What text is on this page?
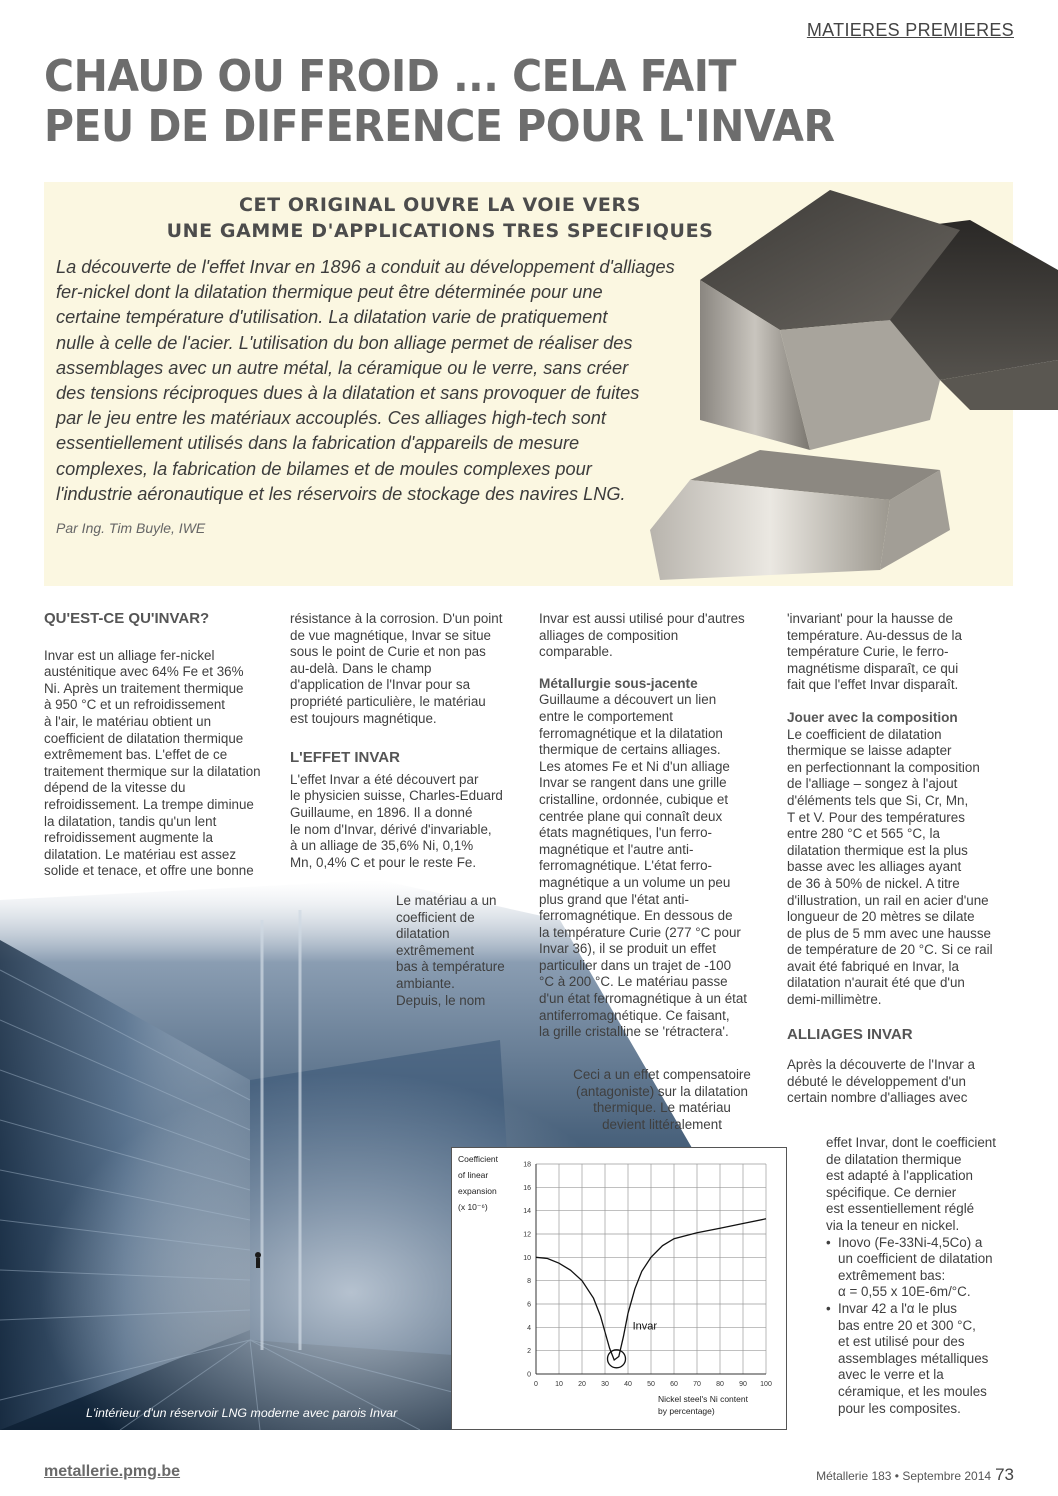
MATIERES PREMIERES
CHAUD OU FROID ... CELA FAIT
PEU DE DIFFERENCE POUR L'INVAR
CET ORIGINAL OUVRE LA VOIE VERS
UNE GAMME D'APPLICATIONS TRES SPECIFIQUES
La découverte de l'effet Invar en 1896 a conduit au développement d'alliages
fer-nickel dont la dilatation thermique peut être déterminée pour une
certaine température d'utilisation. La dilatation varie de pratiquement
nulle à celle de l'acier. L'utilisation du bon alliage permet de réaliser des
assemblages avec un autre métal, la céramique ou le verre, sans créer
des tensions réciproques dues à la dilatation et sans provoquer de fuites
par le jeu entre les matériaux accouplés. Ces alliages high-tech sont
essentiellement utilisés dans la fabrication d'appareils de mesure
complexes, la fabrication de bilames et de moules complexes pour
l'industrie aéronautique et les réservoirs de stockage des navires LNG.
Par Ing. Tim Buyle, IWE

QU'EST-CE QU'INVAR?

Invar est un alliage fer-nickel
austénitique avec 64% Fe et 36%
Ni. Après un traitement thermique
à 950 °C et un refroidissement
à l'air, le matériau obtient un
coefficient de dilatation thermique
extrêmement bas. L'effet de ce
traitement thermique sur la dilatation
dépend de la vitesse du
refroidissement. La trempe diminue
la dilatation, tandis qu'un lent
refroidissement augmente la
dilatation. Le matériau est assez
solide et tenace, et offre une bonne
L'intérieur d'un réservoir LNG moderne avec parois Invar
résistance à la corrosion. D'un point
de vue magnétique, Invar se situe
sous le point de Curie et non pas
au-delà. Dans le champ
d'application de l'Invar pour sa
propriété particulière, le matériau
est toujours magnétique.

L'EFFET INVAR

L'effet Invar a été découvert par
le physicien suisse, Charles-Eduard
Guillaume, en 1896. Il a donné
le nom d'Invar, dérivé d'invariable,
à un alliage de 35,6% Ni, 0,1%
Mn, 0,4% C et pour le reste Fe.
Le matériau a un
coefficient de
dilatation
extrêmement
bas à température
ambiante.
Depuis, le nom
Invar est aussi utilisé pour d'autres
alliages de composition
comparable.

Métallurgie sous-jacente

Guillaume a découvert un lien
entre le comportement
ferromagnétique et la dilatation
thermique de certains alliages.
Les atomes Fe et Ni d'un alliage
Invar se rangent dans une grille
cristalline, ordonnée, cubique et
centrée plane qui connaît deux
états magnétiques, l'un ferro-
magnétique et l'autre anti-
ferromagnétique. L'état ferro-
magnétique a un volume un peu
plus grand que l'état anti-
ferromagnétique. En dessous de
la température Curie (277 °C pour
Invar 36), il se produit un effet
particulier dans un trajet de -100
°C à 200 °C. Le matériau passe
d'un état ferromagnétique à un état
antiferromagnétique. Ce faisant,
la grille cristalline se 'rétractera'.
Ceci a un effet compensatoire
(antagoniste) sur la dilatation
thermique. Le matériau
devient littéralement
'invariant' pour la hausse de
température. Au-dessus de la
température Curie, le ferro-
magnétisme disparaît, ce qui
fait que l'effet Invar disparaît.

Jouer avec la composition

Le coefficient de dilatation
thermique se laisse adapter
en perfectionnant la composition
de l'alliage – songez à l'ajout
d'éléments tels que Si, Cr, Mn,
T et V. Pour des températures
entre 280 °C et 565 °C, la
dilatation thermique est la plus
basse avec les alliages ayant
de 36 à 50% de nickel. A titre
d'illustration, un rail en acier d'une
longueur de 20 mètres se dilate
de plus de 5 mm avec une hausse
de température de 20 °C. Si ce rail
avait été fabriqué en Invar, la
dilatation n'aurait été que d'un
demi-millimètre.

ALLIAGES INVAR

Après la découverte de l'Invar a
débuté le développement d'un
certain nombre d'alliages avec
effet Invar, dont le coefficient
de dilatation thermique
est adapté à l'application
spécifique. Ce dernier
est essentiellement réglé
via la teneur en nickel.
• Inovo (Fe-33Ni-4,5Co) a
un coefficient de dilatation
extrêmement bas:
α = 0,55 x 10E-6m/°C.
• Invar 42 a l'α le plus
bas entre 20 et 300 °C,
et est utilisé pour des
assemblages métalliques
avec le verre et la
céramique, et les moules
pour les composites.
0 10 20 30 40 50 60 70 80 90 100
0
2
4
6
8
10
12
14
16
18
Invar
Coefficient of linear expansion (x 10⁻⁶)
Nickel steel's Ni content by percentage)
metallerie.pmg.be	Métallerie 183 • Septembre 2014 73
